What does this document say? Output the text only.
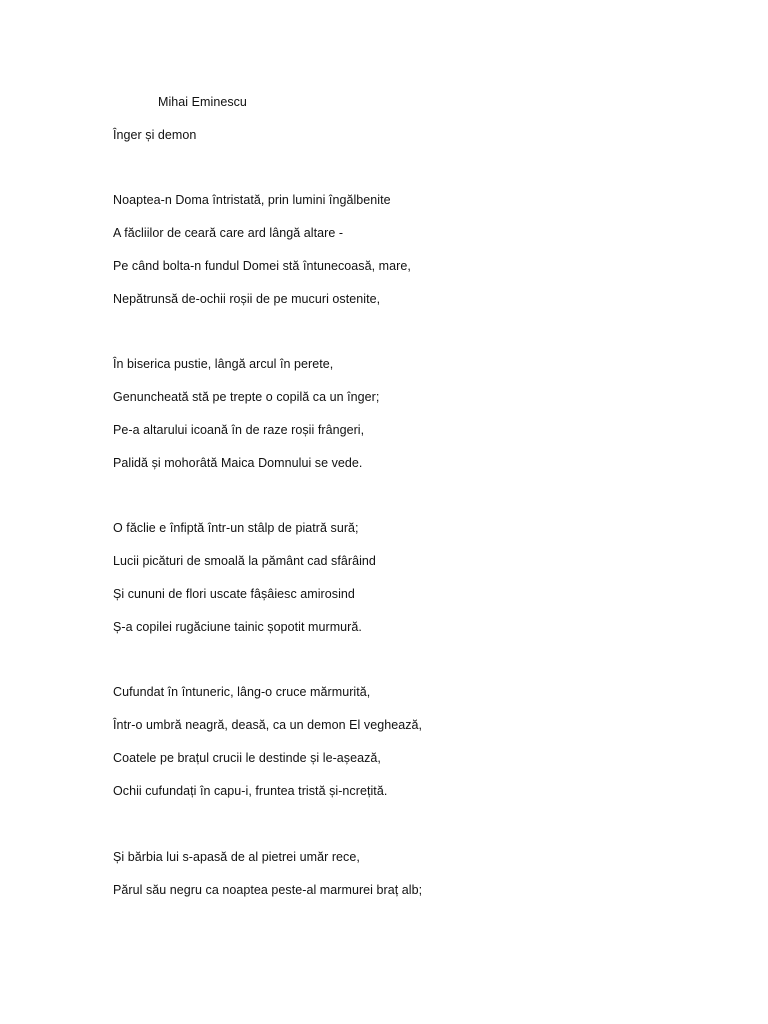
Mihai Eminescu
Înger și demon
Noaptea-n Doma întristată, prin lumini îngălbenite
A făcliilor de ceară care ard lângă altare -
Pe când bolta-n fundul Domei stă întunecoasă, mare,
Nepătrunsă de-ochii roșii de pe mucuri ostenite,
În biserica pustie, lângă arcul în perete,
Genuncheată stă pe trepte o copilă ca un înger;
Pe-a altarului icoană în de raze roșii frângeri,
Palidă și mohorâtă Maica Domnului se vede.
O făclie e înfiptă într-un stâlp de piatră sură;
Lucii picături de smoală la pământ cad sfârâind
Și cununi de flori uscate fâșâiesc amirosind
Ș-a copilei rugăciune tainic șopotit murmură.
Cufundat în întuneric, lâng-o cruce mărmurită,
Într-o umbră neagră, deasă, ca un demon El veghează,
Coatele pe brațul crucii le destinde și le-așează,
Ochii cufundați în capu-i, fruntea tristă și-ncrețită.
Și bărbia lui s-apasă de al pietrei umăr rece,
Părul său negru ca noaptea peste-al marmurei braț alb;
